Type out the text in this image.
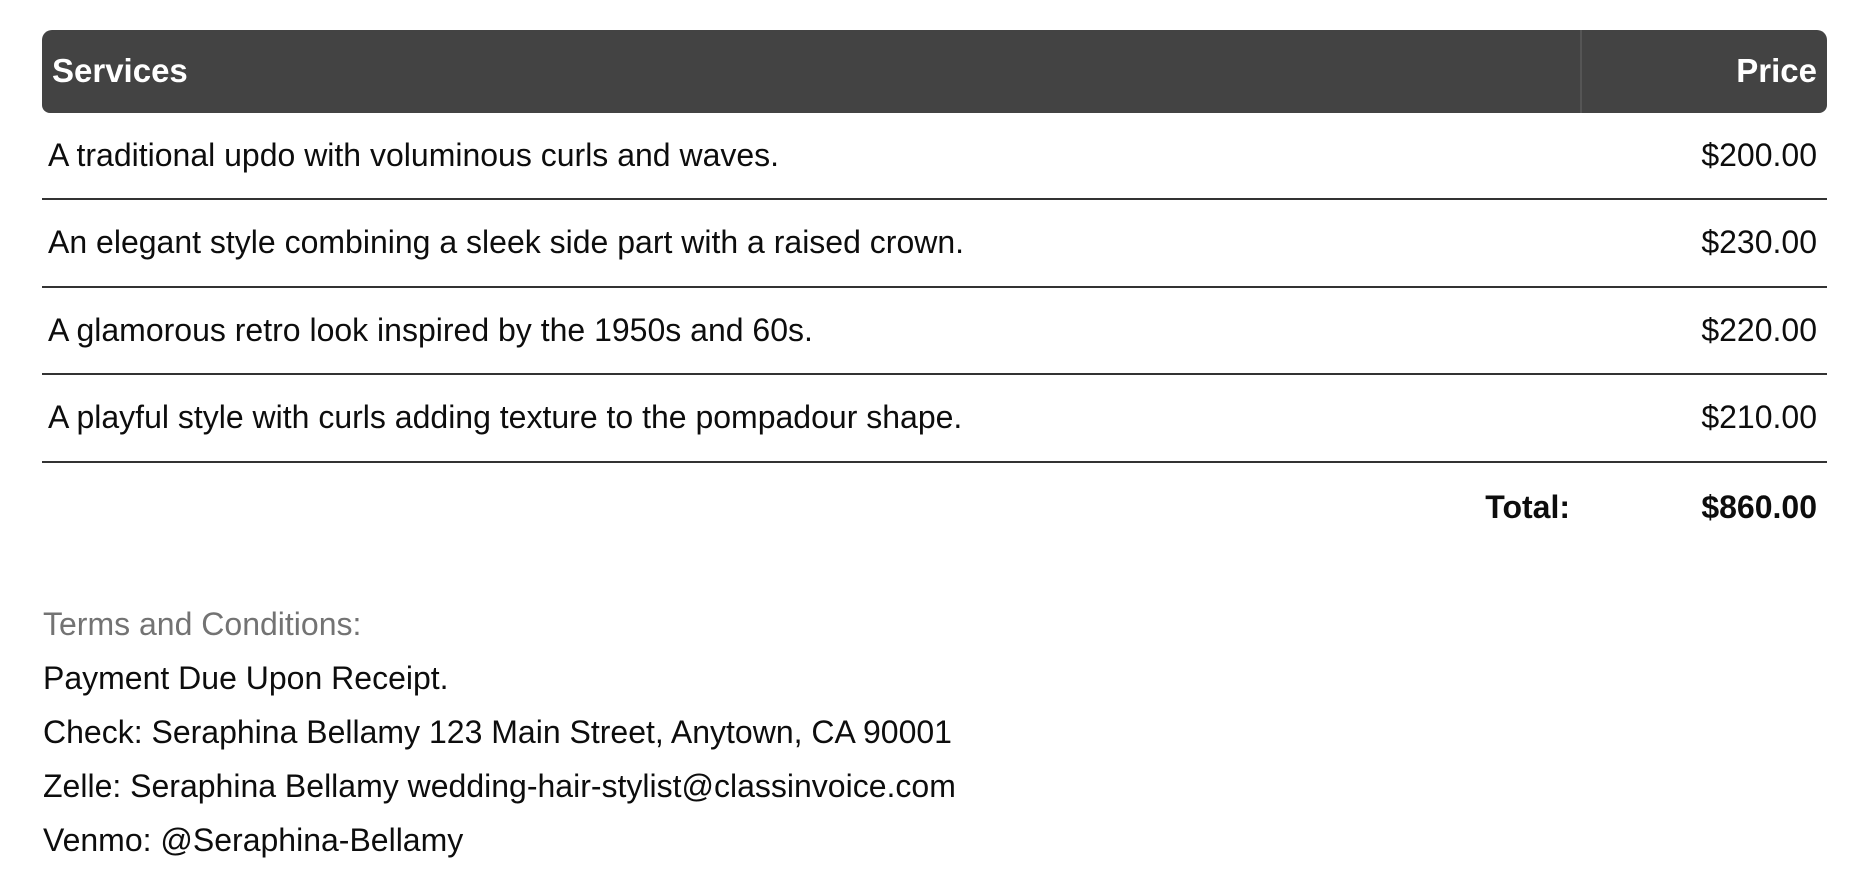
Services	Price
A traditional updo with voluminous curls and waves.	$200.00
An elegant style combining a sleek side part with a raised crown.	$230.00
A glamorous retro look inspired by the 1950s and 60s.	$220.00
A playful style with curls adding texture to the pompadour shape.	$210.00
Total:	$860.00
Terms and Conditions:
Payment Due Upon Receipt.
Check: Seraphina Bellamy 123 Main Street, Anytown, CA 90001
Zelle: Seraphina Bellamy wedding-hair-stylist@classinvoice.com
Venmo: @Seraphina-Bellamy
